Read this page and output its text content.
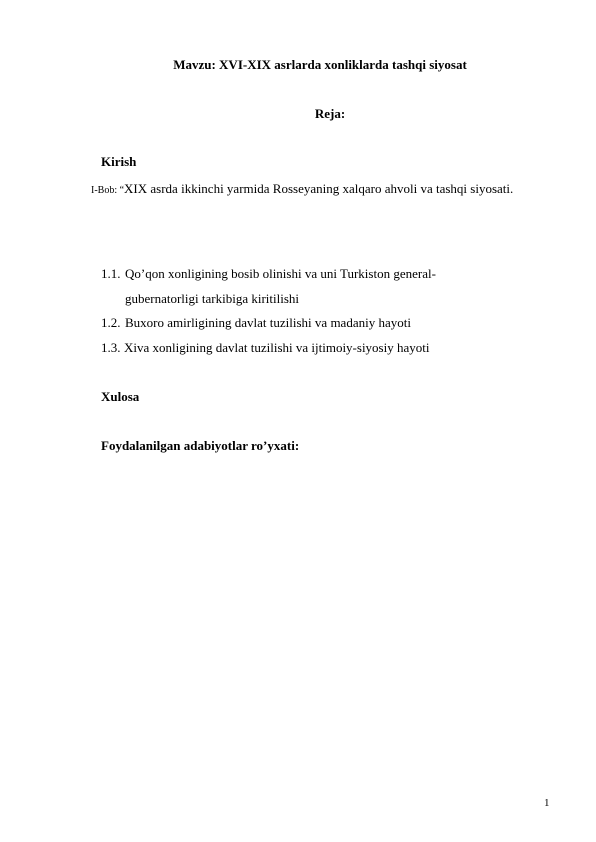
Mavzu: XVI-XIX asrlarda xonliklarda tashqi siyosat
Reja:
Kirish
I-Bob: “XIX asrda ikkinchi yarmida Rosseyaning xalqaro ahvoli va tashqi siyosati.
1.1. Qo’qon xonligining bosib olinishi va uni Turkiston general-
gubernatorligi tarkibiga kiritilishi
1.2. Buxoro amirligining davlat tuzilishi va madaniy hayoti
1.3. Xiva xonligining davlat tuzilishi va ijtimoiy-siyosiy hayoti
Xulosa
Foydalanilgan adabiyotlar ro’yxati:
1
